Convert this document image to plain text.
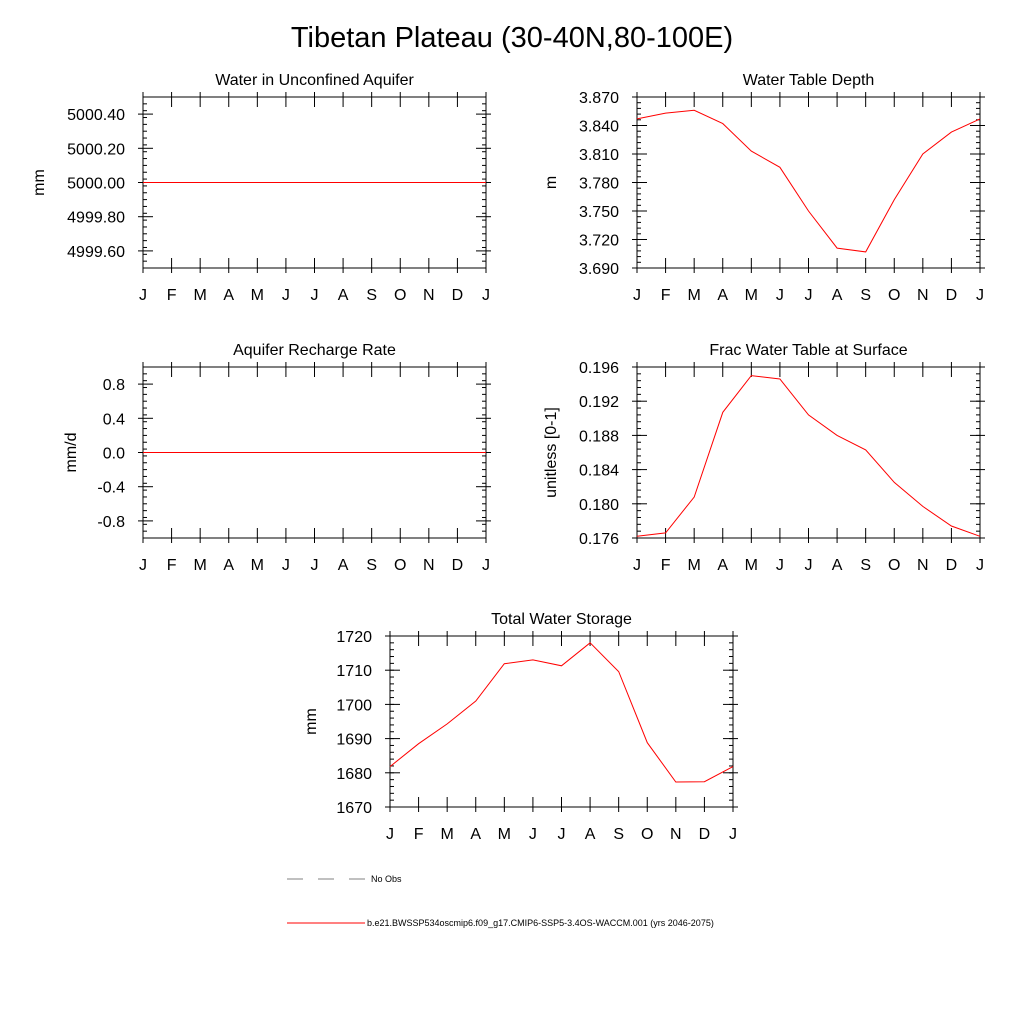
Tibetan Plateau (30-40N,80-100E)
Water in Unconfined Aquifer
mm
J F M A M J J A S O N D J
4999.60
4999.80
5000.00
5000.20
5000.40
Water Table Depth
m
J F M A M J J A S O N D J
3.690
3.720
3.750
3.780
3.810
3.840
3.870
Aquifer Recharge Rate
mm/d
J F M A M J J A S O N D J
-0.8
-0.4
0.0
0.4
0.8
Frac Water Table at Surface
unitless [0-1]
J F M A M J J A S O N D J
0.176
0.180
0.184
0.188
0.192
0.196
Total Water Storage
mm
J F M A M J J A S O N D J
1670
1680
1690
1700
1710
1720
No Obs
b.e21.BWSSP534oscmip6.f09_g17.CMIP6-SSP5-3.4OS-WACCM.001 (yrs 2046-2075)
